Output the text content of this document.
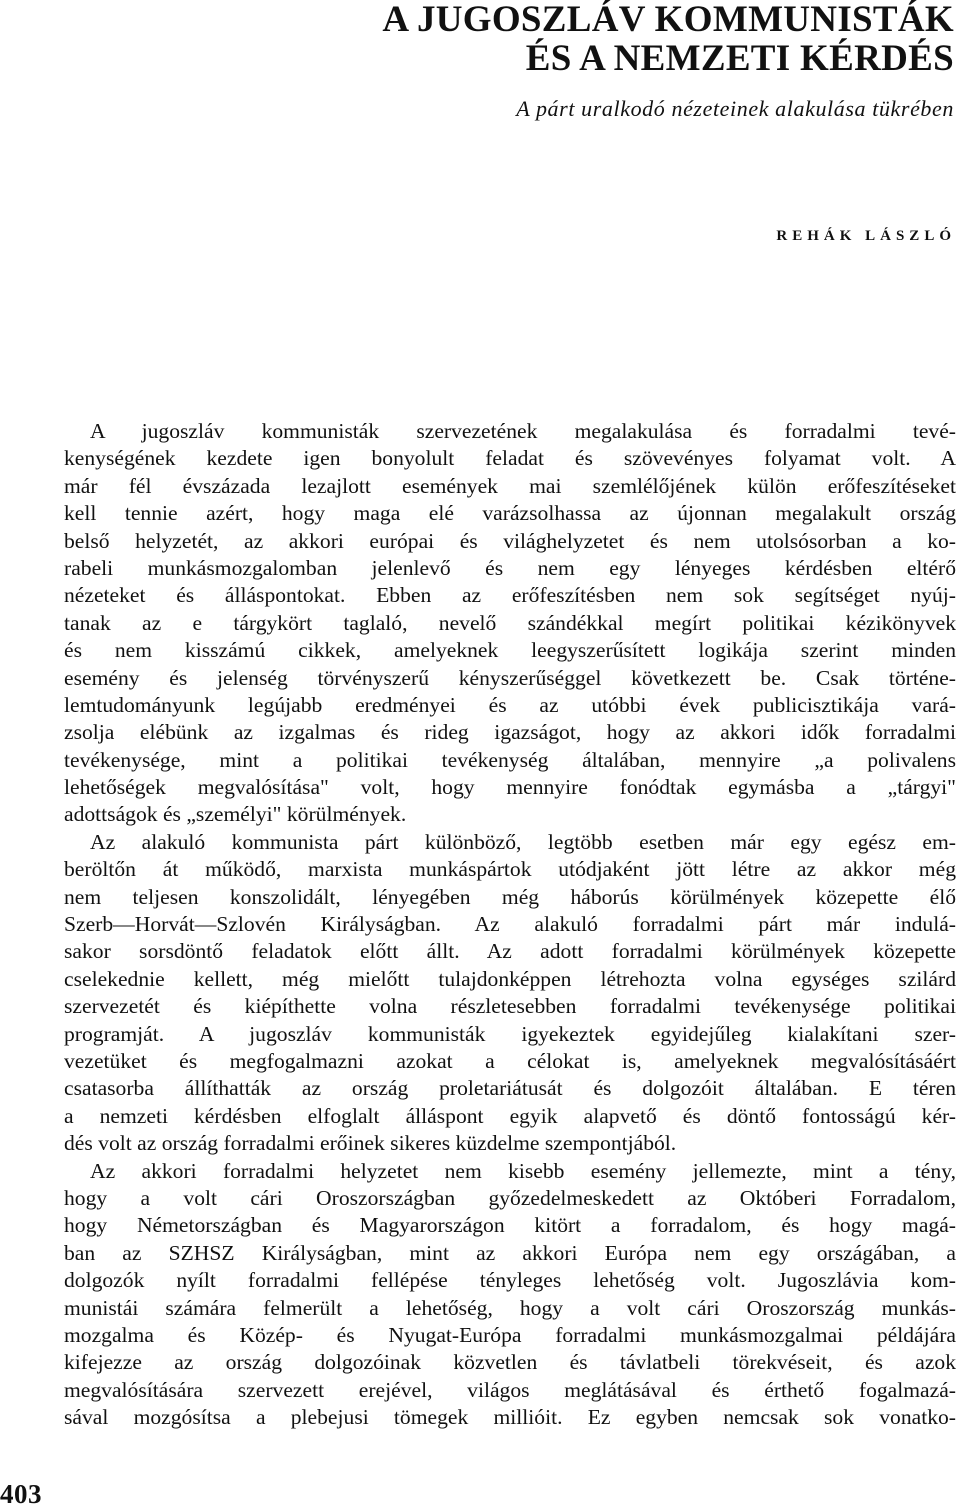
A JUGOSZLÁV KOMMUNISTÁK
ÉS A NEMZETI KÉRDÉS
A párt uralkodó nézeteinek alakulása tükrében
REHÁK LÁSZLÓ
A jugoszláv kommunisták szervezetének megalakulása és forradalmi tevé-
kenységének kezdete igen bonyolult feladat és szövevényes folyamat volt. A
már fél évszázada lezajlott események mai szemlélőjének külön erőfeszítéseket
kell tennie azért, hogy maga elé varázsolhassa az újonnan megalakult ország
belső helyzetét, az akkori európai és világhelyzetet és nem utolsósorban a ko-
rabeli munkásmozgalomban jelenlevő és nem egy lényeges kérdésben eltérő
nézeteket és álláspontokat. Ebben az erőfeszítésben nem sok segítséget nyúj-
tanak az e tárgykört taglaló, nevelő szándékkal megírt politikai kézikönyvek
és nem kisszámú cikkek, amelyeknek leegyszerűsített logikája szerint minden
esemény és jelenség törvényszerű kényszerűséggel következett be. Csak történe-
lemtudományunk legújabb eredményei és az utóbbi évek publicisztikája vará-
zsolja elébünk az izgalmas és rideg igazságot, hogy az akkori idők forradalmi
tevékenysége, mint a politikai tevékenység általában, mennyire „a polivalens
lehetőségek megvalósítása" volt, hogy mennyire fonódtak egymásba a „tárgyi"
adottságok és „személyi" körülmények.
Az alakuló kommunista párt különböző, legtöbb esetben már egy egész em-
beröltőn át működő, marxista munkáspártok utódjaként jött létre az akkor még
nem teljesen konszolidált, lényegében még háborús körülmények közepette élő
Szerb—Horvát—Szlovén Királyságban. Az alakuló forradalmi párt már indulá-
sakor sorsdöntő feladatok előtt állt. Az adott forradalmi körülmények közepette
cselekednie kellett, még mielőtt tulajdonképpen létrehozta volna egységes szilárd
szervezetét és kiépíthette volna részletesebben forradalmi tevékenysége politikai
programját. A jugoszláv kommunisták igyekeztek egyidejűleg kialakítani szer-
vezetüket és megfogalmazni azokat a célokat is, amelyeknek megvalósításáért
csatasorba állíthatták az ország proletariátusát és dolgozóit általában. E téren
a nemzeti kérdésben elfoglalt álláspont egyik alapvető és döntő fontosságú kér-
dés volt az ország forradalmi erőinek sikeres küzdelme szempontjából.
Az akkori forradalmi helyzetet nem kisebb esemény jellemezte, mint a tény,
hogy a volt cári Oroszországban győzedelmeskedett az Októberi Forradalom,
hogy Németországban és Magyarországon kitört a forradalom, és hogy magá-
ban az SZHSZ Királyságban, mint az akkori Európa nem egy országában, a
dolgozók nyílt forradalmi fellépése tényleges lehetőség volt. Jugoszlávia kom-
munistái számára felmerült a lehetőség, hogy a volt cári Oroszország munkás-
mozgalma és Közép- és Nyugat-Európa forradalmi munkásmozgalmai példájára
kifejezze az ország dolgozóinak közvetlen és távlatbeli törekvéseit, és azok
megvalósítására szervezett erejével, világos meglátásával és érthető fogalmazá-
sával mozgósítsa a plebejusi tömegek millióit. Ez egyben nemcsak sok vonatko-
403
